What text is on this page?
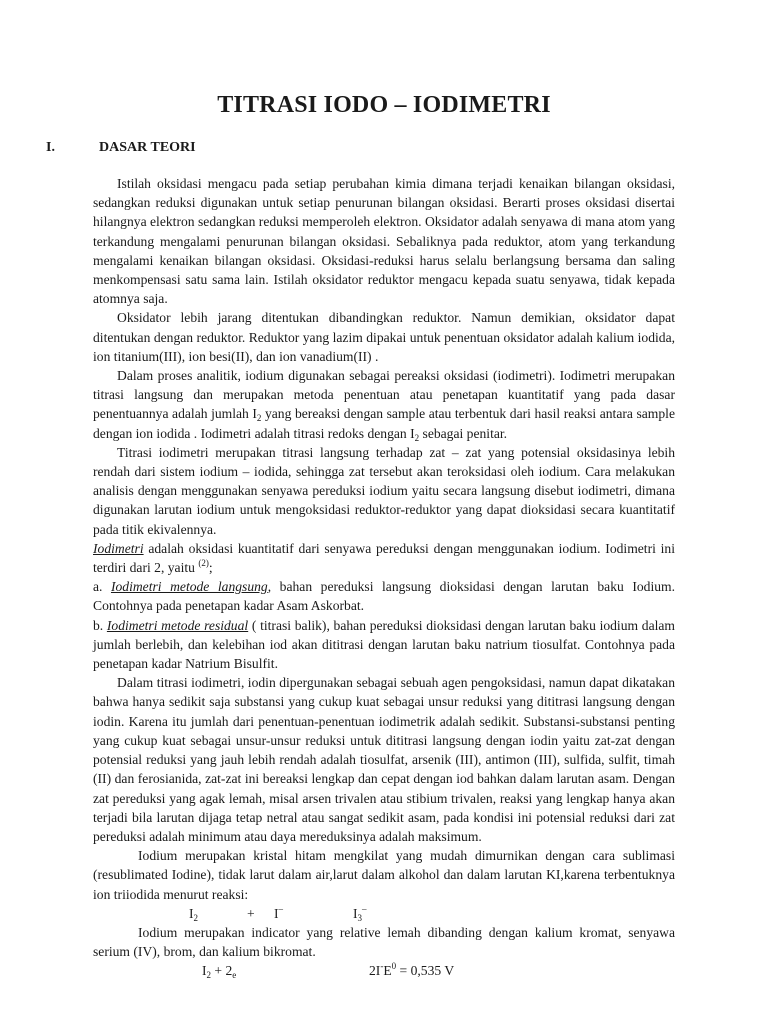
TITRASI IODO – IODIMETRI
I.	DASAR TEORI

Istilah oksidasi mengacu pada setiap perubahan kimia dimana terjadi kenaikan bilangan oksidasi, sedangkan reduksi digunakan untuk setiap penurunan bilangan oksidasi. Berarti proses oksidasi disertai hilangnya elektron sedangkan reduksi memperoleh elektron. Oksidator adalah senyawa di mana atom yang terkandung mengalami penurunan bilangan oksidasi. Sebaliknya pada reduktor, atom yang terkandung mengalami kenaikan bilangan oksidasi. Oksidasi-reduksi harus selalu berlangsung bersama dan saling menkompensasi satu sama lain. Istilah oksidator reduktor mengacu kepada suatu senyawa, tidak kepada atomnya saja.

Oksidator lebih jarang ditentukan dibandingkan reduktor. Namun demikian, oksidator dapat ditentukan dengan reduktor. Reduktor yang lazim dipakai untuk penentuan oksidator adalah kalium iodida, ion titanium(III), ion besi(II), dan ion vanadium(II) .

Dalam proses analitik, iodium digunakan sebagai pereaksi oksidasi (iodimetri). Iodimetri merupakan titrasi langsung dan merupakan metoda penentuan atau penetapan kuantitatif yang pada dasar penentuannya adalah jumlah $I_2$ yang bereaksi dengan sample atau terbentuk dari hasil reaksi antara sample dengan ion iodida . Iodimetri adalah titrasi redoks dengan $I_2$ sebagai penitar.

Titrasi iodimetri merupakan titrasi langsung terhadap zat – zat yang potensial oksidasinya lebih rendah dari sistem iodium – iodida, sehingga zat tersebut akan teroksidasi oleh iodium. Cara melakukan analisis dengan menggunakan senyawa pereduksi iodium yaitu secara langsung disebut iodimetri, dimana digunakan larutan iodium untuk mengoksidasi reduktor-reduktor yang dapat dioksidasi secara kuantitatif pada titik ekivalennya.

Iodimetri adalah oksidasi kuantitatif dari senyawa pereduksi dengan menggunakan iodium. Iodimetri ini terdiri dari 2, yaitu $^{(2)}$;

a. Iodimetri metode langsung, bahan pereduksi langsung dioksidasi dengan larutan baku Iodium. Contohnya pada penetapan kadar Asam Askorbat.

b. Iodimetri metode residual ( titrasi balik), bahan pereduksi dioksidasi dengan larutan baku iodium dalam jumlah berlebih, dan kelebihan iod akan dititrasi dengan larutan baku natrium tiosulfat. Contohnya pada penetapan kadar Natrium Bisulfit.

Dalam titrasi iodimetri, iodin dipergunakan sebagai sebuah agen pengoksidasi, namun dapat dikatakan bahwa hanya sedikit saja substansi yang cukup kuat sebagai unsur reduksi yang dititrasi langsung dengan iodin. Karena itu jumlah dari penentuan-penentuan iodimetrik adalah sedikit. Substansi-substansi penting yang cukup kuat sebagai unsur-unsur reduksi untuk dititrasi langsung dengan iodin yaitu zat-zat dengan potensial reduksi yang jauh lebih rendah adalah tiosulfat, arsenik (III), antimon (III), sulfida, sulfit, timah (II) dan ferosianida, zat-zat ini bereaksi lengkap dan cepat dengan iod bahkan dalam larutan asam. Dengan zat pereduksi yang agak lemah, misal arsen trivalen atau stibium trivalen, reaksi yang lengkap hanya akan terjadi bila larutan dijaga tetap netral atau sangat sedikit asam, pada kondisi ini potensial reduksi dari zat pereduksi adalah minimum atau daya mereduksinya adalah maksimum.

Iodium merupakan kristal hitam mengkilat yang mudah dimurnikan dengan cara sublimasi (resublimated Iodine), tidak larut dalam air,larut dalam alkohol dan dalam larutan KI,karena terbentuknya ion triiodida menurut reaksi:

$I_2$	+ I–	$I_3^-$

Iodium merupakan indicator yang relative lemah dibanding dengan kalium kromat, senyawa serium (IV), brom, dan kalium bikromat.

$I_2 + 2_e$	$2I^-E^0 = 0,535$ V
